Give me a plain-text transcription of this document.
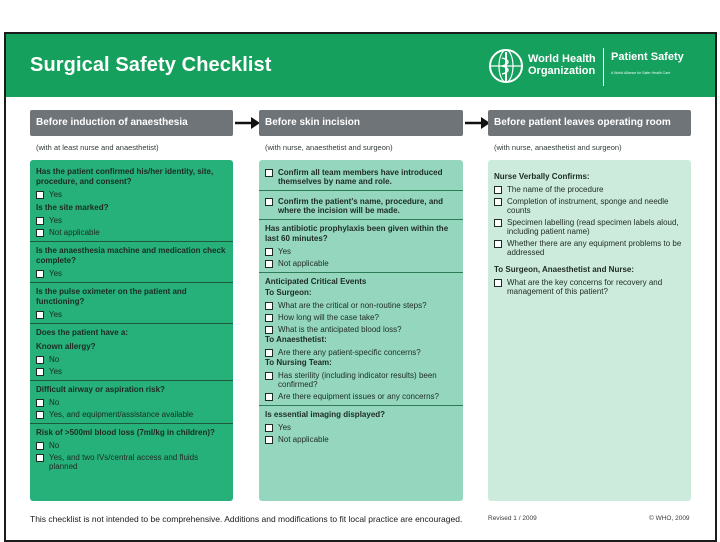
Surgical Safety Checklist	World Health
Organization
Patient Safety
A World Alliance for Safer Health Care
Before induction of anaesthesia	Before skin incision	Before patient leaves operating room
(with at least nurse and anaesthetist)	(with nurse, anaesthetist and surgeon)	(with nurse, anaesthetist and surgeon)
Has the patient confirmed his/her identity, site, procedure, and consent?
Yes
Is the site marked?
Yes
Not applicable
Is the anaesthesia machine and medication check complete?
Yes
Is the pulse oximeter on the patient and functioning?
Yes
Does the patient have a:
Known allergy?
No
Yes
Difficult airway or aspiration risk?
No
Yes, and equipment/assistance available
Risk of >500ml blood loss (7ml/kg in children)?
No
Yes, and two IVs/central access and fluids planned
Confirm all team members have introduced themselves by name and role.
Confirm the patient's name, procedure, and where the incision will be made.
Has antibiotic prophylaxis been given within the last 60 minutes?
Yes
Not applicable
Anticipated Critical Events
To Surgeon:
What are the critical or non-routine steps?
How long will the case take?
What is the anticipated blood loss?
To Anaesthetist:
Are there any patient-specific concerns?
To Nursing Team:
Has sterility (including indicator results) been confirmed?
Are there equipment issues or any concerns?
Is essential imaging displayed?
Yes
Not applicable
Nurse Verbally Confirms:
The name of the procedure
Completion of instrument, sponge and needle counts
Specimen labelling (read specimen labels aloud, including patient name)
Whether there are any equipment problems to be addressed
To Surgeon, Anaesthetist and Nurse:
What are the key concerns for recovery and management of this patient?
This checklist is not intended to be comprehensive. Additions and modifications to fit local practice are encouraged.	Revised 1 / 2009	© WHO, 2009
